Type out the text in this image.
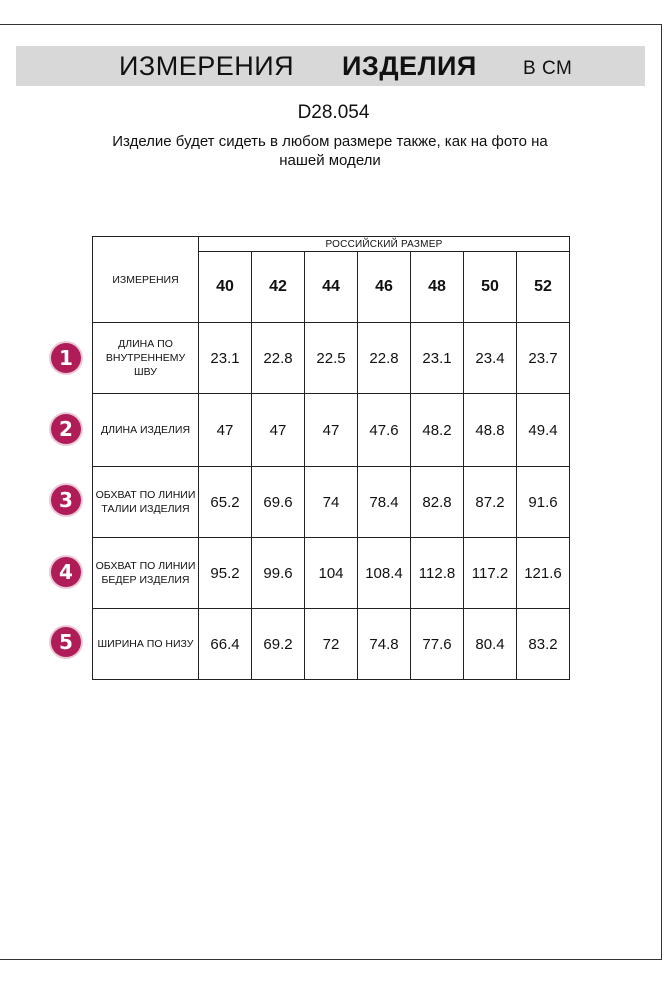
ИЗМЕРЕНИЯ ИЗДЕЛИЯ В СМ
D28.054
Изделие будет сидеть в любом размере также, как на фото на нашей модели
ИЗМЕРЕНИЯ	РОССИЙСКИЙ РАЗМЕР						
	40	42	44	46	48	50	52
ДЛИНА ПО ВНУТРЕННЕМУ ШВУ	23.1	22.8	22.5	22.8	23.1	23.4	23.7
ДЛИНА ИЗДЕЛИЯ	47	47	47	47.6	48.2	48.8	49.4
ОБХВАТ ПО ЛИНИИ ТАЛИИ ИЗДЕЛИЯ	65.2	69.6	74	78.4	82.8	87.2	91.6
ОБХВАТ ПО ЛИНИИ БЕДЕР ИЗДЕЛИЯ	95.2	99.6	104	108.4	112.8	117.2	121.6
ШИРИНА ПО НИЗУ	66.4	69.2	72	74.8	77.6	80.4	83.2
1
2
3
4
5
